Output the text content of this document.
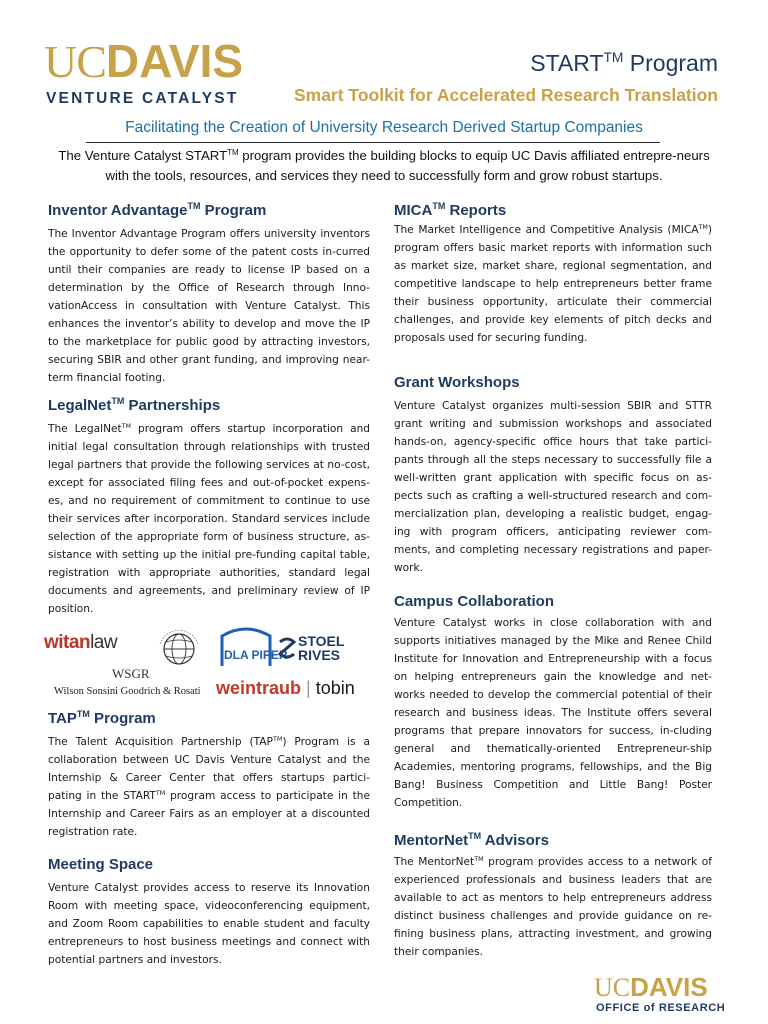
UCDAVIS
VENTURE CATALYST
START™ Program
Smart Toolkit for Accelerated Research Translation
Facilitating the Creation of University Research Derived Startup Companies
The Venture Catalyst START™ program provides the building blocks to equip UC Davis affiliated entrepre-neurs with the tools, resources, and services they need to successfully form and grow robust startups.
Inventor Advantage™ Program

The Inventor Advantage Program offers university inventors the opportunity to defer some of the patent costs in-curred until their companies are ready to license IP based on a determination by the Office of Research through Inno-vationAccess in consultation with Venture Catalyst. This enhances the inventor’s ability to develop and move the IP to the marketplace for public good by attracting investors, securing SBIR and other grant funding, and improving near-term financial footing.

LegalNet™ Partnerships

The LegalNet™ program offers startup incorporation and initial legal consultation through relationships with trusted legal partners that provide the following services at no-cost, except for associated filing fees and out-of-pocket expens-es, and no requirement of commitment to continue to use their services after incorporation. Standard services include selection of the appropriate form of business structure, as-sistance with setting up the initial pre-funding capital table, registration with appropriate authorities, standard legal documents and agreements, and preliminary review of IP position.

witanlaw
DLA PIPER
STOEL
RIVES
WSGR
Wilson Sonsini Goodrich & Rosati weintraub | tobin
TAP™ Program

The Talent Acquisition Partnership (TAP™) Program is a collaboration between UC Davis Venture Catalyst and the Internship & Career Center that offers startups partici-pating in the START™ program access to participate in the Internship and Career Fairs as an employer at a discounted registration rate.

Meeting Space

Venture Catalyst provides access to reserve its Innovation Room with meeting space, videoconferencing equipment, and Zoom Room capabilities to enable student and faculty entrepreneurs to host business meetings and connect with potential partners and investors.

MICA™ Reports

The Market Intelligence and Competitive Analysis (MICA™) program offers basic market reports with information such as market size, market share, regional segmentation, and competitive landscape to help entrepreneurs better frame their business opportunity, articulate their commercial challenges, and provide key elements of pitch decks and proposals used for securing funding.

Grant Workshops

Venture Catalyst organizes multi-session SBIR and STTR grant writing and submission workshops and associated hands-on, agency-specific office hours that take partici-pants through all the steps necessary to successfully file a well-written grant application with specific focus on as-pects such as crafting a well-structured research and com-mercialization plan, developing a realistic budget, engag-ing with program officers, anticipating reviewer com-ments, and completing necessary registrations and paper-work.

Campus Collaboration

Venture Catalyst works in close collaboration with and supports initiatives managed by the Mike and Renee Child Institute for Innovation and Entrepreneurship with a focus on helping entrepreneurs gain the knowledge and net-works needed to develop the commercial potential of their research and business ideas. The Institute offers several programs that prepare innovators for success, in-cluding general and thematically-oriented Entrepreneur-ship Academies, mentoring programs, fellowships, and the Big Bang! Business Competition and Little Bang! Poster Competition.

MentorNet™ Advisors

The MentorNet™ program provides access to a network of experienced professionals and business leaders that are available to act as mentors to help entrepreneurs address distinct business challenges and provide guidance on re-fining business plans, attracting investment, and growing their companies.

UCDAVIS
OFFICE of RESEARCH
